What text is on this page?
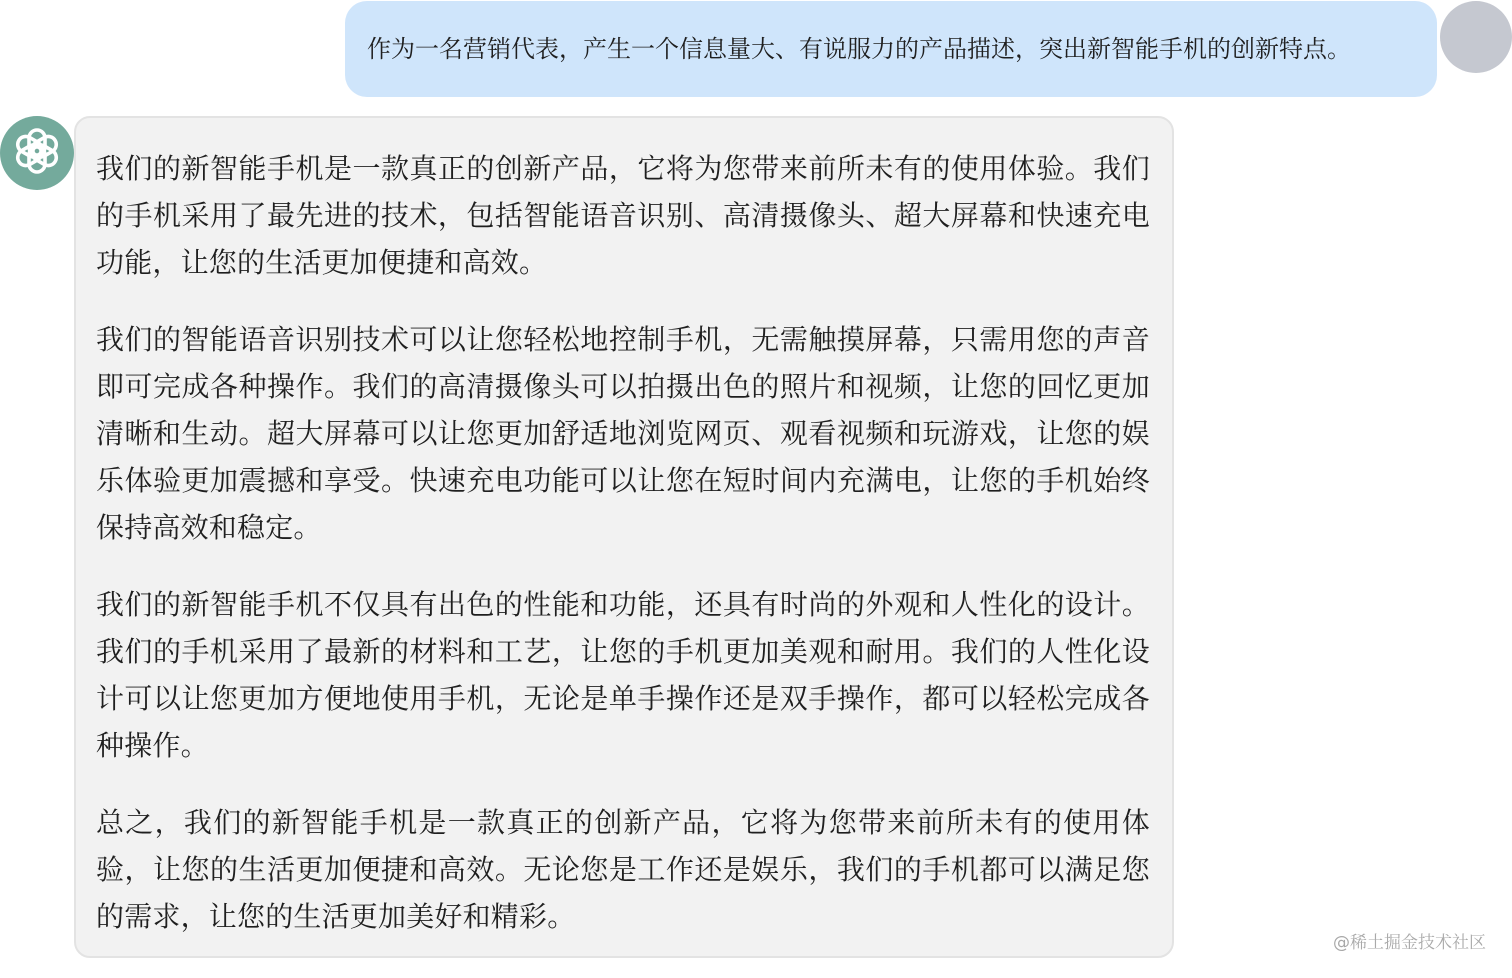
作为一名营销代表，产生一个信息量大、有说服力的产品描述，突出新智能手机的创新特点。

我们的新智能手机是一款真正的创新产品，它将为您带来前所未有的使用体验。我们的手机采用了最先进的技术，包括智能语音识别、高清摄像头、超大屏幕和快速充电功能，让您的生活更加便捷和高效。

我们的智能语音识别技术可以让您轻松地控制手机，无需触摸屏幕，只需用您的声音即可完成各种操作。我们的高清摄像头可以拍摄出色的照片和视频，让您的回忆更加清晰和生动。超大屏幕可以让您更加舒适地浏览网页、观看视频和玩游戏，让您的娱乐体验更加震撼和享受。快速充电功能可以让您在短时间内充满电，让您的手机始终保持高效和稳定。

我们的新智能手机不仅具有出色的性能和功能，还具有时尚的外观和人性化的设计。我们的手机采用了最新的材料和工艺，让您的手机更加美观和耐用。我们的人性化设计可以让您更加方便地使用手机，无论是单手操作还是双手操作，都可以轻松完成各种操作。

总之，我们的新智能手机是一款真正的创新产品，它将为您带来前所未有的使用体验，让您的生活更加便捷和高效。无论您是工作还是娱乐，我们的手机都可以满足您的需求，让您的生活更加美好和精彩。

@稀土掘金技术社区
